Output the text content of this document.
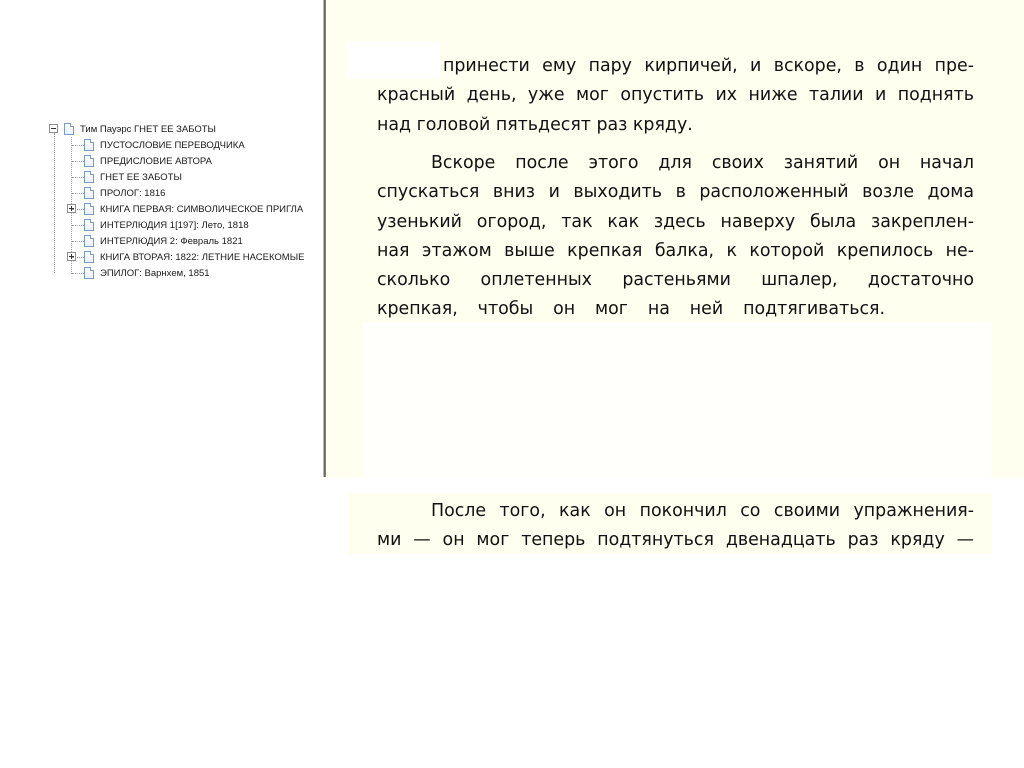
Тим Пауэрс ГНЕТ ЕЕ ЗАБОТЫ
ПУСТОСЛОВИЕ ПЕРЕВОДЧИКА
ПРЕДИСЛОВИЕ АВТОРА
ГНЕТ ЕЕ ЗАБОТЫ
ПРОЛОГ: 1816
КНИГА ПЕРВАЯ: СИМВОЛИЧЕСКОЕ ПРИГЛА
ИНТЕРЛЮДИЯ 1[197]: Лето, 1818
ИНТЕРЛЮДИЯ 2: Февраль 1821
КНИГА ВТОРАЯ: 1822: ЛЕТНИЕ НАСЕКОМЫЕ
ЭПИЛОГ: Варнхем, 1851
принести ему пару кирпичей, и вскоре, в один пре-
красный день, уже мог опустить их ниже талии и поднять
над головой пятьдесят раз кряду.
Вскоре после этого для своих занятий он начал
спускаться вниз и выходить в расположенный возле дома
узенький огород, так как здесь наверху была закреплен-
ная этажом выше крепкая балка, к которой крепилось не-
сколько оплетенных растеньями шпалер, достаточно
крепкая, чтобы он мог на ней подтягиваться.
После того, как он покончил со своими упражнения-
ми — он мог теперь подтянуться двенадцать раз кряду —
